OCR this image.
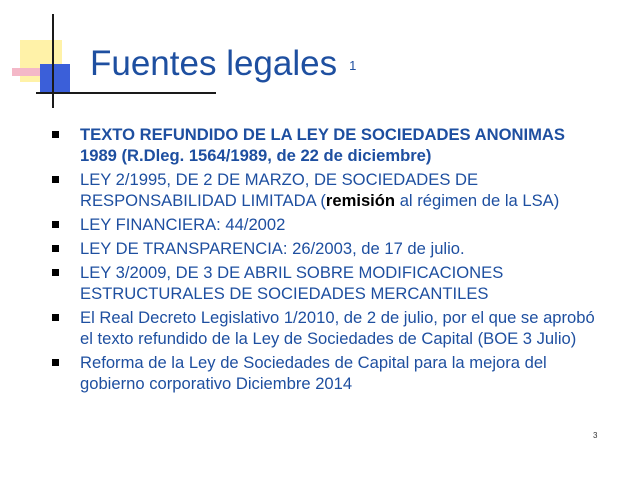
Fuentes legales 1
TEXTO REFUNDIDO DE LA LEY DE SOCIEDADES ANONIMAS 1989 (R.Dleg. 1564/1989, de 22 de diciembre)
LEY 2/1995, DE 2 DE MARZO, DE SOCIEDADES DE RESPONSABILIDAD LIMITADA (remisión al régimen de la LSA)
LEY FINANCIERA: 44/2002
LEY DE TRANSPARENCIA: 26/2003, de 17 de julio.
LEY 3/2009, DE 3 DE ABRIL SOBRE MODIFICACIONES ESTRUCTURALES DE SOCIEDADES MERCANTILES
El Real Decreto Legislativo 1/2010, de 2 de julio, por el que se aprobó el texto refundido de la Ley de Sociedades de Capital (BOE 3 Julio)
Reforma de la Ley de Sociedades de Capital para la mejora del gobierno corporativo Diciembre 2014
3
